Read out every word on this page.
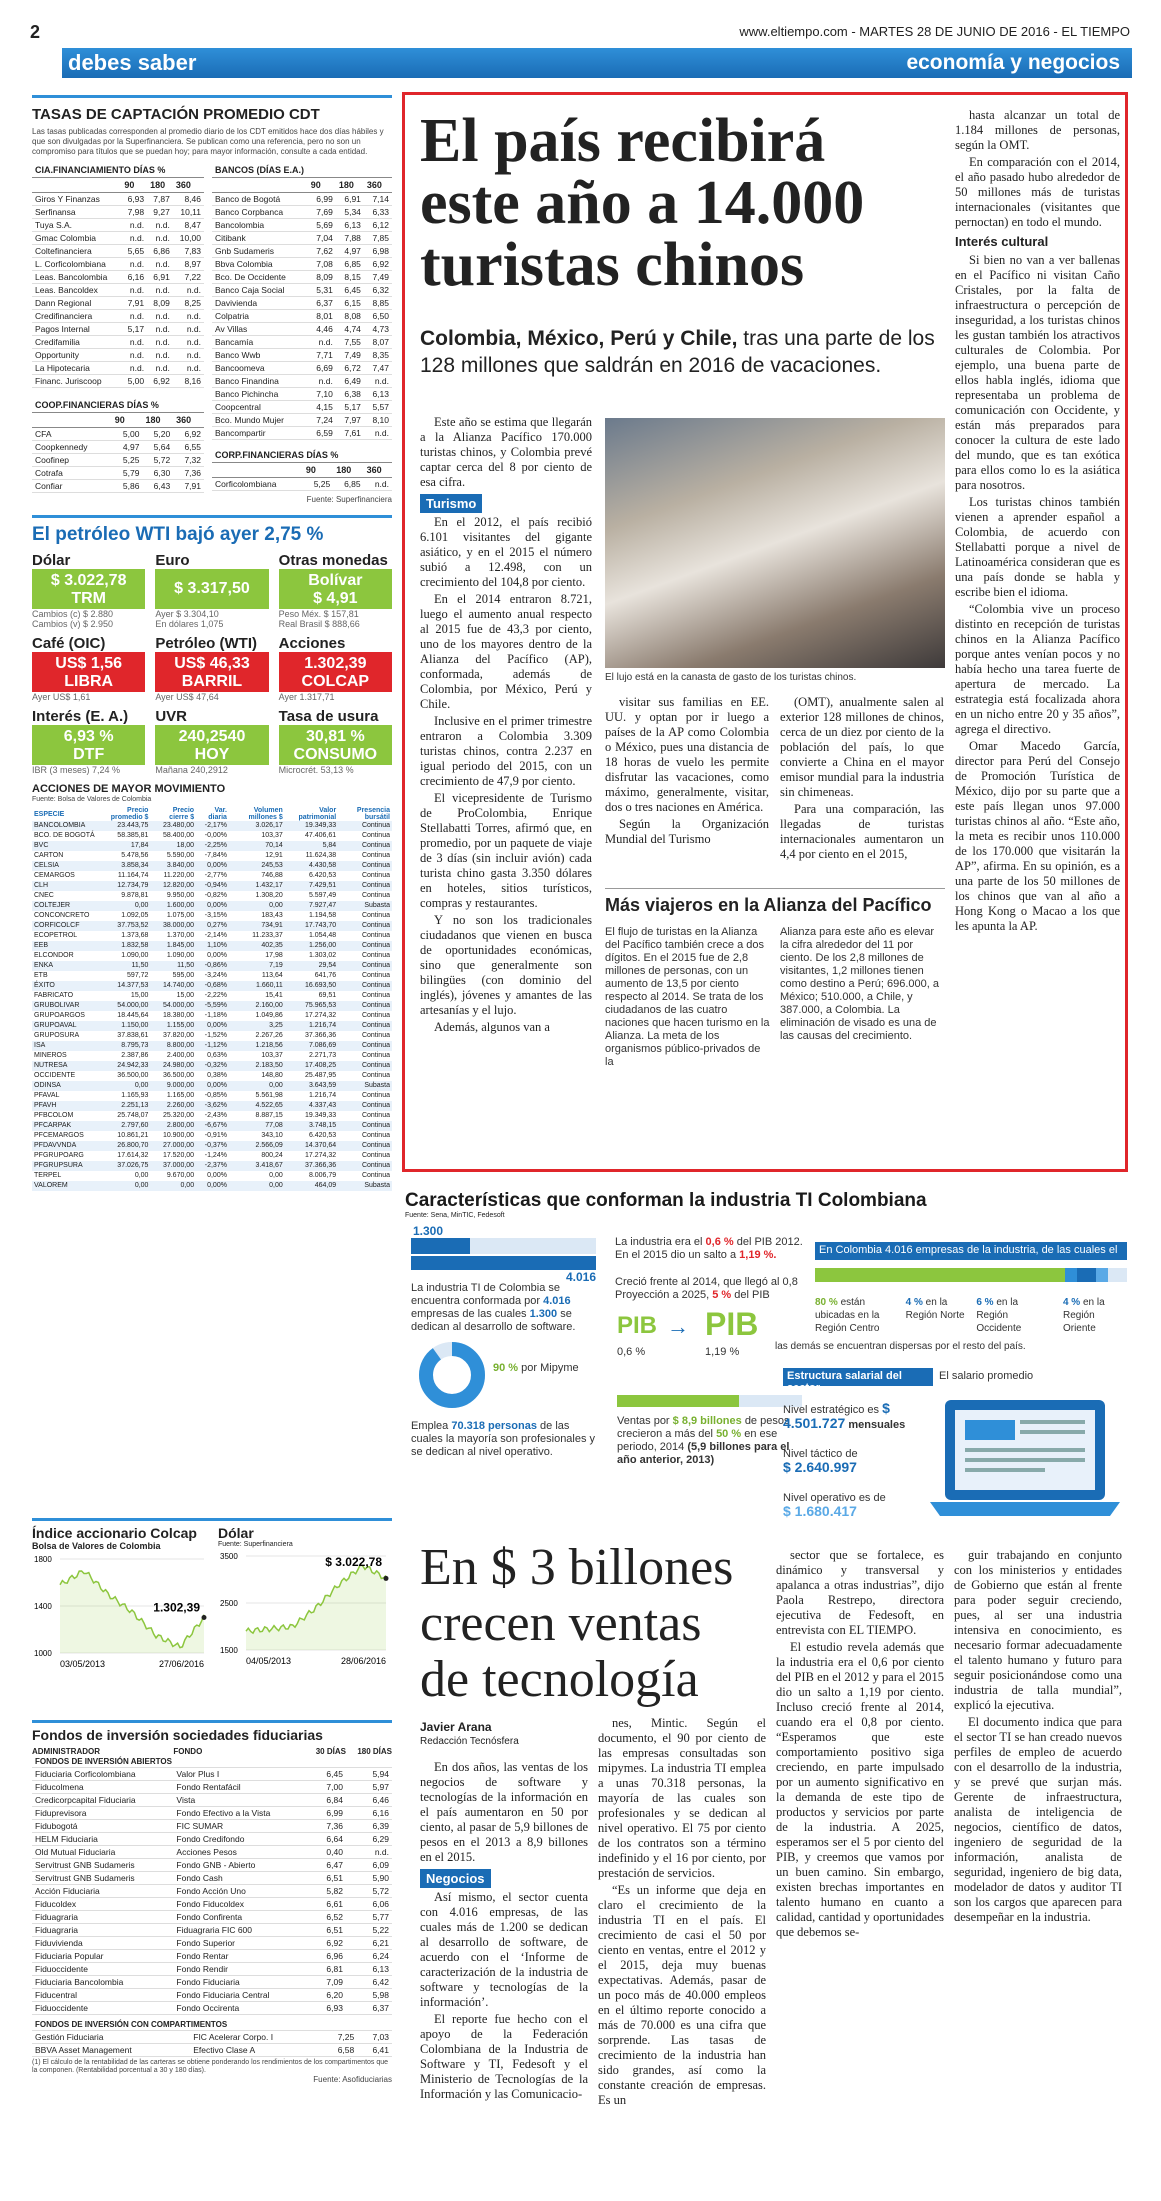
2	www.eltiempo.com - MARTES 28 DE JUNIO DE 2016 - EL TIEMPO
debes saber	economía y negocios
TASAS DE CAPTACIÓN PROMEDIO CDT
Las tasas publicadas corresponden al promedio diario de los CDT emitidos hace dos días hábiles y que son divulgadas por la Superfinanciera. Se publican como una referencia, pero no son un compromiso para títulos que se puedan hoy; para mayor información, consulte a cada entidad.
CIA.FINANCIAMIENTO DÍAS %			
	90	180	360
Giros Y Finanzas	6,93	7,87	8,46
Serfinansa	7,98	9,27	10,11
Tuya S.A.	n.d.	n.d.	8,47
Gmac Colombia	n.d.	n.d.	10,00
Coltefinanciera	5,65	6,86	7,83
L. Corficolombiana	n.d.	n.d.	8,97
Leas. Bancolombia	6,16	6,91	7,22
Leas. Bancoldex	n.d.	n.d.	n.d.
Dann Regional	7,91	8,09	8,25
Credifinanciera	n.d.	n.d.	n.d.
Pagos Internal	5,17	n.d.	n.d.
Credifamilia	n.d.	n.d.	n.d.
Opportunity	n.d.	n.d.	n.d.
La Hipotecaria	n.d.	n.d.	n.d.
Financ. Juriscoop	5,00	6,92	8,16
COOP.FINANCIERAS DÍAS %			
	90	180	360
CFA	5,00	5,20	6,92
Coopkennedy	4,97	5,64	6,55
Coofinep	5,25	5,72	7,32
Cotrafa	5,79	6,30	7,36
Confiar	5,86	6,43	7,91
BANCOS (DÍAS E.A.)			
	90	180	360
Banco de Bogotá	6,99	6,91	7,14
Banco Corpbanca	7,69	5,34	6,33
Bancolombia	5,69	6,13	6,12
Citibank	7,04	7,88	7,85
Gnb Sudameris	7,62	4,97	6,98
Bbva Colombia	7,08	6,85	6,92
Bco. De Occidente	8,09	8,15	7,49
Banco Caja Social	5,31	6,45	6,32
Davivienda	6,37	6,15	8,85
Colpatria	8,01	8,08	6,50
Av Villas	4,46	4,74	4,73
Bancamía	n.d.	7,55	8,07
Banco Wwb	7,71	7,49	8,35
Bancoomeva	6,69	6,72	7,47
Banco Finandina	n.d.	6,49	n.d.
Banco Pichincha	7,10	6,38	6,13
Coopcentral	4,15	5,17	5,57
Bco. Mundo Mujer	7,24	7,97	8,10
Bancompartir	6,59	7,61	n.d.
CORP.FINANCIERAS DÍAS %			
	90	180	360
Corficolombiana	5,25	6,85	n.d.
Fuente: Superfinanciera
El petróleo WTI bajó ayer 2,75 %
Dólar
$ 3.022,78
TRM
Cambios (c) $ 2.880
Cambios (v) $ 2.950
Euro
$ 3.317,50
Ayer $ 3.304,10
En dólares 1,075
Otras monedas
Bolívar
$ 4,91
Peso Méx. $ 157,81
Real Brasil $ 888,66
Café (OIC)
US$ 1,56
LIBRA
Ayer US$ 1,61
Petróleo (WTI)
US$ 46,33
BARRIL
Ayer US$ 47,64
Acciones
1.302,39
COLCAP
Ayer 1.317,71
Interés (E. A.)
6,93 %
DTF
IBR (3 meses) 7,24 %
UVR
240,2540
HOY
Mañana 240,2912
Tasa de usura
30,81 %
CONSUMO
Microcrét. 53,13 %
ACCIONES DE MAYOR MOVIMIENTO
Fuente: Bolsa de Valores de Colombia
ESPECIE	Precio promedio $	Precio cierre $	Var. diaria	Volumen millones $	Valor patrimonial	Presencia bursátil
BANCOLOMBIA	23.443,75	23.480,00	-2,17%	3.026,17	19.349,33	Continua
BCO. DE BOGOTÁ	58.385,81	58.400,00	-0,00%	103,37	47.406,61	Continua
BVC	17,84	18,00	-2,25%	70,14	5,84	Continua
CARTON	5.478,56	5.590,00	-7,84%	12,91	11.624,38	Continua
CELSIA	3.858,34	3.840,00	0,00%	245,53	4.430,58	Continua
CEMARGOS	11.164,74	11.220,00	-2,77%	746,88	6.420,53	Continua
CLH	12.734,79	12.820,00	-0,94%	1.432,17	7.429,51	Continua
CNEC	9.878,81	9.950,00	-0,82%	1.308,20	5.597,49	Continua
COLTEJER	0,00	1.600,00	0,00%	0,00	7.927,47	Subasta
CONCONCRETO	1.092,05	1.075,00	-3,15%	183,43	1.194,58	Continua
CORFICOLCF	37.753,52	38.000,00	0,27%	734,91	17.743,70	Continua
ECOPETROL	1.373,68	1.370,00	-2,14%	11.233,37	1.054,48	Continua
EEB	1.832,58	1.845,00	1,10%	402,35	1.256,00	Continua
ELCONDOR	1.090,00	1.090,00	0,00%	17,98	1.303,02	Continua
ENKA	11,50	11,50	-0,86%	7,19	29,54	Continua
ETB	597,72	595,00	-3,24%	113,64	641,76	Continua
ÉXITO	14.377,53	14.740,00	-0,68%	1.660,11	16.693,50	Continua
FABRICATO	15,00	15,00	-2,22%	15,41	69,51	Continua
GRUBOLIVAR	54.000,00	54.000,00	-5,59%	2.160,00	75.965,53	Continua
GRUPOARGOS	18.445,64	18.380,00	-1,18%	1.049,86	17.274,32	Continua
GRUPOAVAL	1.150,00	1.155,00	0,00%	3,25	1.216,74	Continua
GRUPOSURA	37.838,61	37.820,00	-1,52%	2.267,26	37.366,36	Continua
ISA	8.795,73	8.800,00	-1,12%	1.218,56	7.086,69	Continua
MINEROS	2.387,86	2.400,00	0,63%	103,37	2.271,73	Continua
NUTRESA	24.942,33	24.980,00	-0,32%	2.183,50	17.408,25	Continua
OCCIDENTE	36.500,00	36.500,00	0,38%	148,80	25.487,95	Continua
ODINSA	0,00	9.000,00	0,00%	0,00	3.643,59	Subasta
PFAVAL	1.165,93	1.165,00	-0,85%	5.561,98	1.216,74	Continua
PFAVH	2.251,13	2.260,00	-3,62%	4.522,65	4.337,43	Continua
PFBCOLOM	25.748,07	25.320,00	-2,43%	8.887,15	19.349,33	Continua
PFCARPAK	2.797,60	2.800,00	-6,67%	77,08	3.748,15	Continua
PFCEMARGOS	10.861,21	10.900,00	-0,91%	343,10	6.420,53	Continua
PFDAVVNDA	26.800,70	27.000,00	-0,37%	2.566,09	14.370,64	Continua
PFGRUPOARG	17.614,32	17.520,00	-1,24%	800,24	17.274,32	Continua
PFGRUPSURA	37.026,75	37.000,00	-2,37%	3.418,67	37.366,36	Continua
TERPEL	0,00	9.670,00	0,00%	0,00	8.006,79	Continua
VALOREM	0,00	0,00	0,00%	0,00	464,09	Subasta
Índice accionario Colcap
Bolsa de Valores de Colombia
1800
1400
1000
1.302,39
03/05/2013	27/06/2016
Dólar
Fuente: Superfinanciera
3500
2500
1500
$ 3.022,78
04/05/2013	28/06/2016
Fondos de inversión sociedades fiduciarias
ADMINISTRADOR	FONDO	30 DÍAS	180 DÍAS
FONDOS DE INVERSIÓN ABIERTOS			
Fiduciaria Corficolombiana	Valor Plus I	6,45	5,94
Fiducolmena	Fondo Rentafácil	7,00	5,97
Credicorpcapital Fiduciaria	Vista	6,84	6,46
Fiduprevisora	Fondo Efectivo a la Vista	6,99	6,16
Fidubogotá	FIC SUMAR	7,36	6,39
HELM Fiduciaria	Fondo Credifondo	6,64	6,29
Old Mutual Fiduciaria	Acciones Pesos	0,40	n.d.
Servitrust GNB Sudameris	Fondo GNB - Abierto	6,47	6,09
Servitrust GNB Sudameris	Fondo Cash	6,51	5,90
Acción Fiduciaria	Fondo Acción Uno	5,82	5,72
Fiducoldex	Fondo Fiducoldex	6,61	6,06
Fiduagraria	Fondo Confirenta	6,52	5,77
Fiduagraria	Fiduagraria FIC 600	6,51	5,22
Fiduvivienda	Fondo Superior	6,92	6,21
Fiduciaria Popular	Fondo Rentar	6,96	6,24
Fiduoccidente	Fondo Rendir	6,81	6,13
Fiduciaria Bancolombia	Fondo Fiduciaria	7,09	6,42
Fiducentral	Fondo Fiduciaria Central	6,20	5,98
Fiduoccidente	Fondo Occirenta	6,93	6,37
FONDOS DE INVERSIÓN CON COMPARTIMENTOS			
Gestión Fiduciaria	FIC Acelerar Corpo. I	7,25	7,03
BBVA Asset Management	Efectivo Clase A	6,58	6,41
(1) El cálculo de la rentabilidad de las carteras se obtiene ponderando los rendimientos de los compartimentos que la componen. (Rentabilidad porcentual a 30 y 180 días).
Fuente: Asofiduciarias
El país recibirá
este año a 14.000
turistas chinos
Colombia, México, Perú y Chile, tras una parte de los 128 millones que saldrán en 2016 de vacaciones.

Este año se estima que llegarán a la Alianza Pacífico 170.000 turistas chinos, y Colombia prevé captar cerca del 8 por ciento de esa cifra.

Turismo

En el 2012, el país recibió 6.101 visitantes del gigante asiático, y en el 2015 el número subió a 12.498, con un crecimiento del 104,8 por ciento.

En el 2014 entraron 8.721, luego el aumento anual respecto al 2015 fue de 43,3 por ciento, uno de los mayores dentro de la Alianza del Pacífico (AP), conformada, además de Colombia, por México, Perú y Chile.

Inclusive en el primer trimestre entraron a Colombia 3.309 turistas chinos, contra 2.237 en igual periodo del 2015, con un crecimiento de 47,9 por ciento.

El vicepresidente de Turismo de ProColombia, Enrique Stellabatti Torres, afirmó que, en promedio, por un paquete de viaje de 3 días (sin incluir avión) cada turista chino gasta 3.350 dólares en hoteles, sitios turísticos, compras y restaurantes.

Y no son los tradicionales ciudadanos que vienen en busca de oportunidades económicas, sino que generalmente son bilingües (con dominio del inglés), jóvenes y amantes de las artesanías y el lujo.

Además, algunos van a

El lujo está en la canasta de gasto de los turistas chinos.

visitar sus familias en EE. UU. y optan por ir luego a países de la AP como Colombia o México, pues una distancia de 18 horas de vuelo les permite disfrutar las vacaciones, como máximo, generalmente, visitar, dos o tres naciones en América.

Según la Organización Mundial del Turismo

(OMT), anualmente salen al exterior 128 millones de chinos, cerca de un diez por ciento de la población del país, lo que convierte a China en el mayor emisor mundial para la industria sin chimeneas.

Para una comparación, las llegadas de turistas internacionales aumentaron un 4,4 por ciento en el 2015,

Más viajeros en la Alianza del Pacífico
El flujo de turistas en la Alianza del Pacífico también crece a dos dígitos. En el 2015 fue de 2,8 millones de personas, con un aumento de 13,5 por ciento respecto al 2014. Se trata de los ciudadanos de las cuatro naciones que hacen turismo en la Alianza. La meta de los organismos público-privados de la
Alianza para este año es elevar la cifra alrededor del 11 por ciento. De los 2,8 millones de visitantes, 1,2 millones tienen como destino a Perú; 696.000, a México; 510.000, a Chile, y 387.000, a Colombia. La eliminación de visado es una de las causas del crecimiento.

hasta alcanzar un total de 1.184 millones de personas, según la OMT.

En comparación con el 2014, el año pasado hubo alrededor de 50 millones más de turistas internacionales (visitantes que pernoctan) en todo el mundo.

Interés cultural

Si bien no van a ver ballenas en el Pacífico ni visitan Caño Cristales, por la falta de infraestructura o percepción de inseguridad, a los turistas chinos les gustan también los atractivos culturales de Colombia. Por ejemplo, una buena parte de ellos habla inglés, idioma que representaba un problema de comunicación con Occidente, y están más preparados para conocer la cultura de este lado del mundo, que es tan exótica para ellos como lo es la asiática para nosotros.

Los turistas chinos también vienen a aprender español a Colombia, de acuerdo con Stellabatti porque a nivel de Latinoamérica consideran que es una país donde se habla y escribe bien el idioma.

“Colombia vive un proceso distinto en recepción de turistas chinos en la Alianza Pacífico porque antes venían pocos y no había hecho una tarea fuerte de apertura de mercado. La estrategia está focalizada ahora en un nicho entre 20 y 35 años”, agrega el directivo.

Omar Macedo García, director para Perú del Consejo de Promoción Turística de México, dijo por su parte que a este país llegan unos 97.000 turistas chinos al año. “Este año, la meta es recibir unos 110.000 de los 170.000 que visitarán la AP”, afirma. En su opinión, es a una parte de los 50 millones de los chinos que van al año a Hong Kong o Macao a los que les apunta la AP.

Características que conforman la industria TI Colombiana
Fuente: Sena, MinTIC, Fedesoft
1.300
4.016
La industria TI de Colombia se encuentra conformada por 4.016 empresas de las cuales 1.300 se dedican al desarrollo de software.
90 % por Mipyme
Emplea 70.318 personas de las cuales la mayoría son profesionales y se dedican al nivel operativo.
La industria era el 0,6 % del PIB 2012. En el 2015 dio un salto a 1,19 %.
Creció frente al 2014, que llegó al 0,8 Proyección a 2025, 5 % del PIB
PIB → PIB
0,6 %	1,19 %
Ventas por $ 8,9 billones de pesos crecieron a más del 50 % en ese periodo, 2014 (5,9 billones para el año anterior, 2013)
En Colombia 4.016 empresas de la industria, de las cuales el
80 % están ubicadas en la Región Centro
4 % en la Región Norte
6 % en la Región Occidente
4 % en la Región Oriente
las demás se encuentran dispersas por el resto del país.
Estructura salarial del sector
El salario promedio
Nivel estratégico es $ 4.501.727 mensuales
Nivel táctico de
$ 2.640.997
Nivel operativo es de
$ 1.680.417
En $ 3 billones
crecen ventas
de tecnología
Javier Arana
Redacción Tecnósfera

En dos años, las ventas de los negocios de software y tecnologías de la información en el país aumentaron en 50 por ciento, al pasar de 5,9 billones de pesos en el 2013 a 8,9 billones en el 2015.

Negocios

Así mismo, el sector cuenta con 4.016 empresas, de las cuales más de 1.200 se dedican al desarrollo de software, de acuerdo con el ‘Informe de caracterización de la industria de software y tecnologías de la información’.

El reporte fue hecho con el apoyo de la Federación Colombiana de la Industria de Software y TI, Fedesoft y el Ministerio de Tecnologías de la Información y las Comunicacio-

nes, Mintic. Según el documento, el 90 por ciento de las empresas consultadas son mipymes. La industria TI emplea a unas 70.318 personas, la mayoría de las cuales son profesionales y se dedican al nivel operativo. El 75 por ciento de los contratos son a término indefinido y el 16 por ciento, por prestación de servicios.

“Es un informe que deja en claro el crecimiento de la industria TI en el país. El crecimiento de casi el 50 por ciento en ventas, entre el 2012 y el 2015, deja muy buenas expectativas. Además, pasar de un poco más de 40.000 empleos en el último reporte conocido a más de 70.000 es una cifra que sorprende. Las tasas de crecimiento de la industria han sido grandes, así como la constante creación de empresas. Es un

sector que se fortalece, es dinámico y transversal y apalanca a otras industrias”, dijo Paola Restrepo, directora ejecutiva de Fedesoft, en entrevista con EL TIEMPO.

El estudio revela además que la industria era el 0,6 por ciento del PIB en el 2012 y para el 2015 dio un salto a 1,19 por ciento. Incluso creció frente al 2014, cuando era el 0,8 por ciento. “Esperamos que este comportamiento positivo siga creciendo, en parte impulsado por un aumento significativo en la demanda de este tipo de productos y servicios por parte de la industria. A 2025, esperamos ser el 5 por ciento del PIB, y creemos que vamos por un buen camino. Sin embargo, existen brechas importantes en talento humano en cuanto a calidad, cantidad y oportunidades que debemos se-

guir trabajando en conjunto con los ministerios y entidades de Gobierno que están al frente para poder seguir creciendo, pues, al ser una industria intensiva en conocimiento, es necesario formar adecuadamente el talento humano y futuro para seguir posicionándose como una industria de talla mundial”, explicó la ejecutiva.

El documento indica que para el sector TI se han creado nuevos perfiles de empleo de acuerdo con el desarrollo de la industria, y se prevé que surjan más. Gerente de infraestructura, analista de inteligencia de negocios, científico de datos, ingeniero de seguridad de la información, analista de seguridad, ingeniero de big data, modelador de datos y auditor TI son los cargos que aparecen para desempeñar en la industria.
